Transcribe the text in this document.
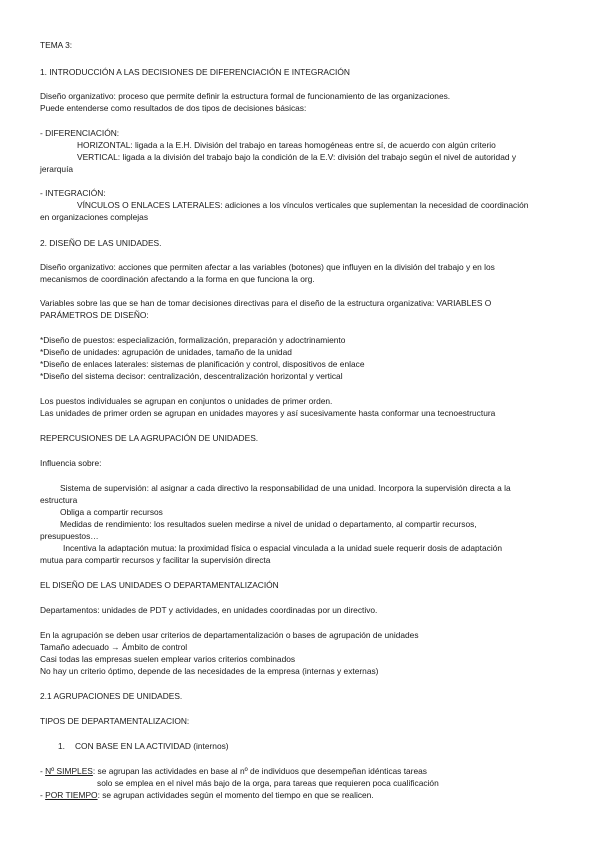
TEMA 3:
1. INTRODUCCIÓN A LAS DECISIONES DE DIFERENCIACIÓN E INTEGRACIÓN
Diseño organizativo: proceso que permite definir la estructura formal de funcionamiento de las organizaciones.
Puede entenderse como resultados de dos tipos de decisiones básicas:
- DIFERENCIACIÓN:
HORIZONTAL: ligada a la E.H. División del trabajo en tareas homogéneas entre sí, de acuerdo con algún criterio
VERTICAL: ligada a la división del trabajo bajo la condición de la E.V: división del trabajo según el nivel de autoridad y
jerarquía
- INTEGRACIÓN:
VÍNCULOS O ENLACES LATERALES: adiciones a los vínculos verticales que suplementan la necesidad de coordinación
en organizaciones complejas
2. DISEÑO DE LAS UNIDADES.
Diseño organizativo: acciones que permiten afectar a las variables (botones) que influyen en la división del trabajo y en los
mecanismos de coordinación afectando a la forma en que funciona la org.
Variables sobre las que se han de tomar decisiones directivas para el diseño de la estructura organizativa: VARIABLES O
PARÁMETROS DE DISEÑO:
*Diseño de puestos: especialización, formalización, preparación y adoctrinamiento
*Diseño de unidades: agrupación de unidades, tamaño de la unidad
*Diseño de enlaces laterales: sistemas de planificación y control, dispositivos de enlace
*Diseño del sistema decisor: centralización, descentralización horizontal y vertical
Los puestos individuales se agrupan en conjuntos o unidades de primer orden.
Las unidades de primer orden se agrupan en unidades mayores y así sucesivamente hasta conformar una tecnoestructura
REPERCUSIONES DE LA AGRUPACIÓN DE UNIDADES.
Influencia sobre:
Sistema de supervisión: al asignar a cada directivo la responsabilidad de una unidad. Incorpora la supervisión directa a la
estructura
Obliga a compartir recursos
Medidas de rendimiento: los resultados suelen medirse a nivel de unidad o departamento, al compartir recursos,
presupuestos…
Incentiva la adaptación mutua: la proximidad física o espacial vinculada a la unidad suele requerir dosis de adaptación
mutua para compartir recursos y facilitar la supervisión directa
EL DISEÑO DE LAS UNIDADES O DEPARTAMENTALIZACIÓN
Departamentos: unidades de PDT y actividades, en unidades coordinadas por un directivo.
En la agrupación se deben usar criterios de departamentalización o bases de agrupación de unidades
Tamaño adecuado → Ámbito de control
Casi todas las empresas suelen emplear varios criterios combinados
No hay un criterio óptimo, depende de las necesidades de la empresa (internas y externas)
2.1 AGRUPACIONES DE UNIDADES.
TIPOS DE DEPARTAMENTALIZACION:
1.	CON BASE EN LA ACTIVIDAD (internos)
- Nº SIMPLES: se agrupan las actividades en base al nº de individuos que desempeñan idénticas tareas
solo se emplea en el nivel más bajo de la orga, para tareas que requieren poca cualificación
- POR TIEMPO: se agrupan actividades según el momento del tiempo en que se realicen.
